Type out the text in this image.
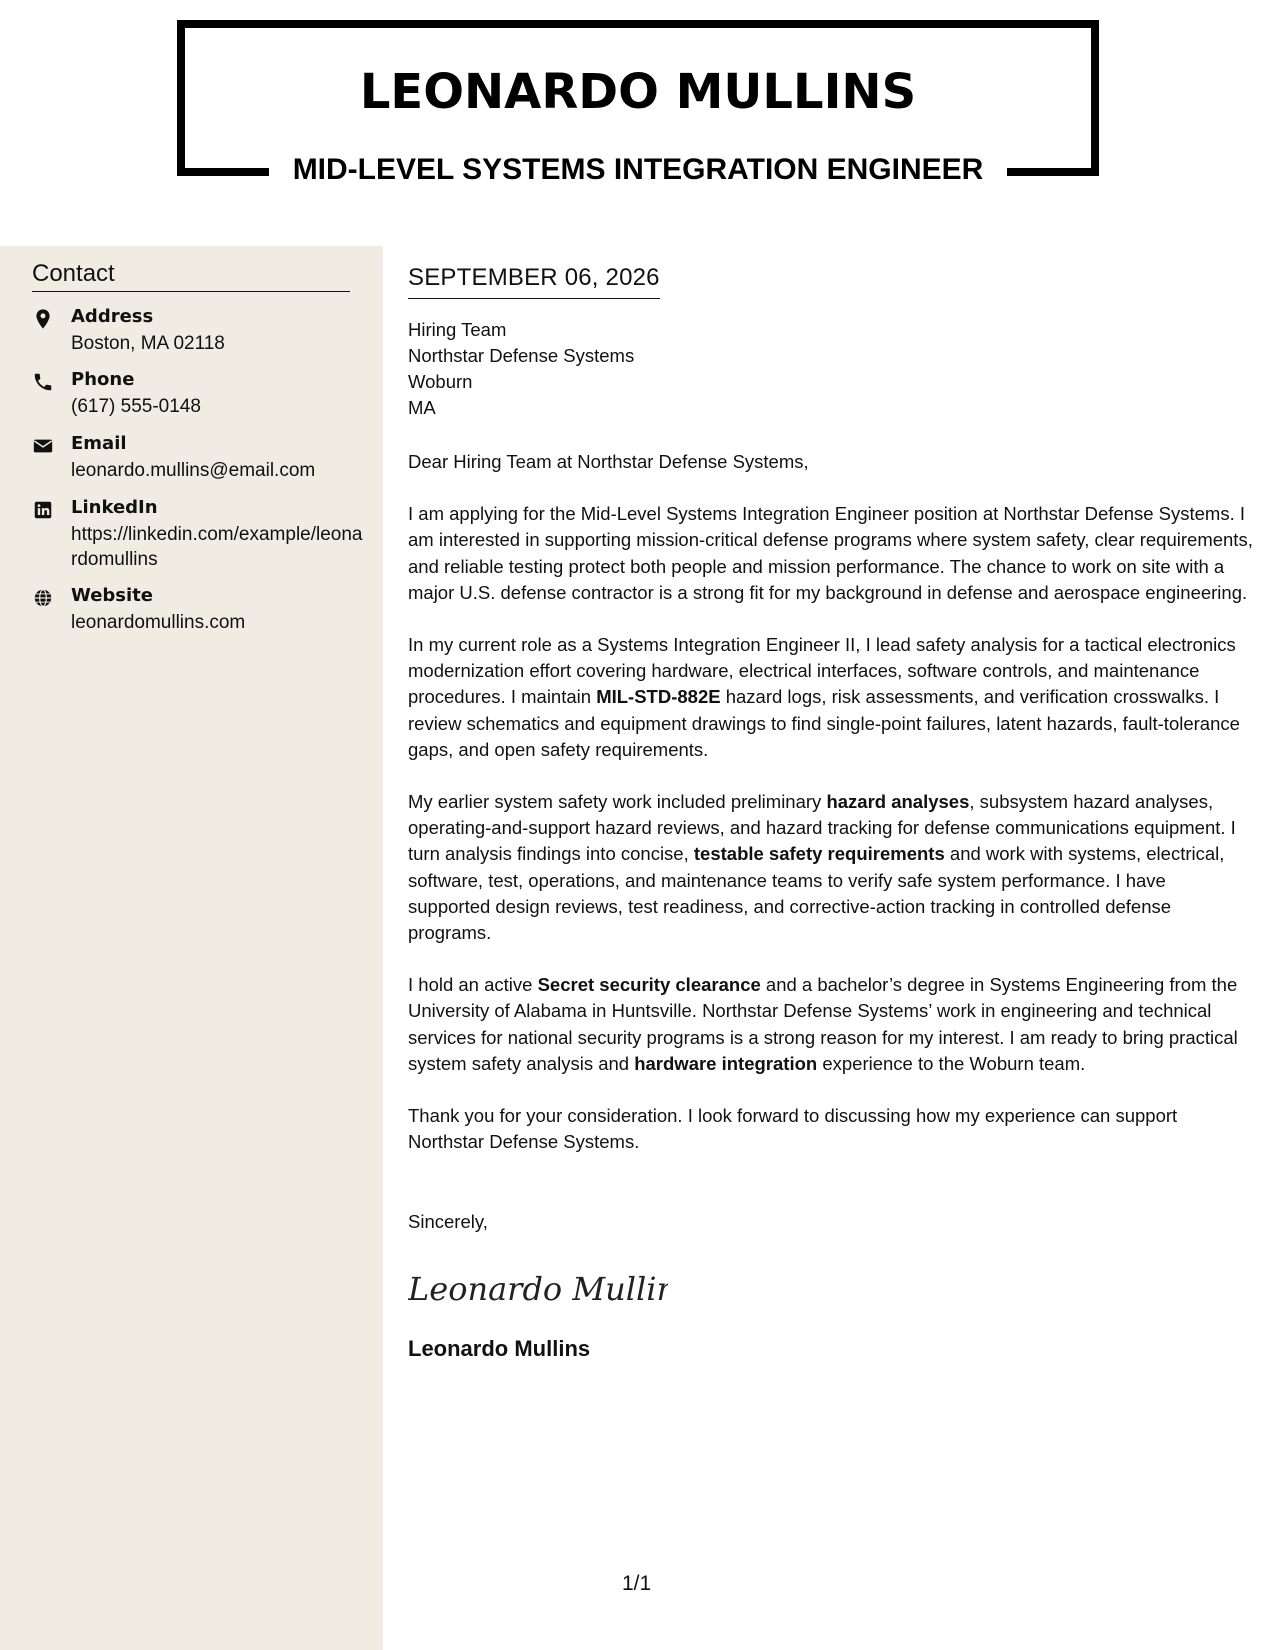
LEONARDO MULLINS
MID-LEVEL SYSTEMS INTEGRATION ENGINEER
Contact
Address
Boston, MA 02118
Phone
(617) 555-0148
Email
leonardo.mullins@email.com
LinkedIn
https://linkedin.com/example/leonardomullins
Website
leonardomullins.com
SEPTEMBER 06, 2026
Hiring Team
Northstar Defense Systems
Woburn
MA

Dear Hiring Team at Northstar Defense Systems,

I am applying for the Mid-Level Systems Integration Engineer position at Northstar Defense Systems. I am interested in supporting mission-critical defense programs where system safety, clear requirements, and reliable testing protect both people and mission performance. The chance to work on site with a major U.S. defense contractor is a strong fit for my background in defense and aerospace engineering.

In my current role as a Systems Integration Engineer II, I lead safety analysis for a tactical electronics modernization effort covering hardware, electrical interfaces, software controls, and maintenance procedures. I maintain MIL-STD-882E hazard logs, risk assessments, and verification crosswalks. I review schematics and equipment drawings to find single-point failures, latent hazards, fault-tolerance gaps, and open safety requirements.

My earlier system safety work included preliminary hazard analyses, subsystem hazard analyses, operating-and-support hazard reviews, and hazard tracking for defense communications equipment. I turn analysis findings into concise, testable safety requirements and work with systems, electrical, software, test, operations, and maintenance teams to verify safe system performance. I have supported design reviews, test readiness, and corrective-action tracking in controlled defense programs.

I hold an active Secret security clearance and a bachelor’s degree in Systems Engineering from the University of Alabama in Huntsville. Northstar Defense Systems’ work in engineering and technical services for national security programs is a strong reason for my interest. I am ready to bring practical system safety analysis and hardware integration experience to the Woburn team.

Thank you for your consideration. I look forward to discussing how my experience can support Northstar Defense Systems.

Sincerely,

Leonardo Mullins
Leonardo Mullins
1/1
